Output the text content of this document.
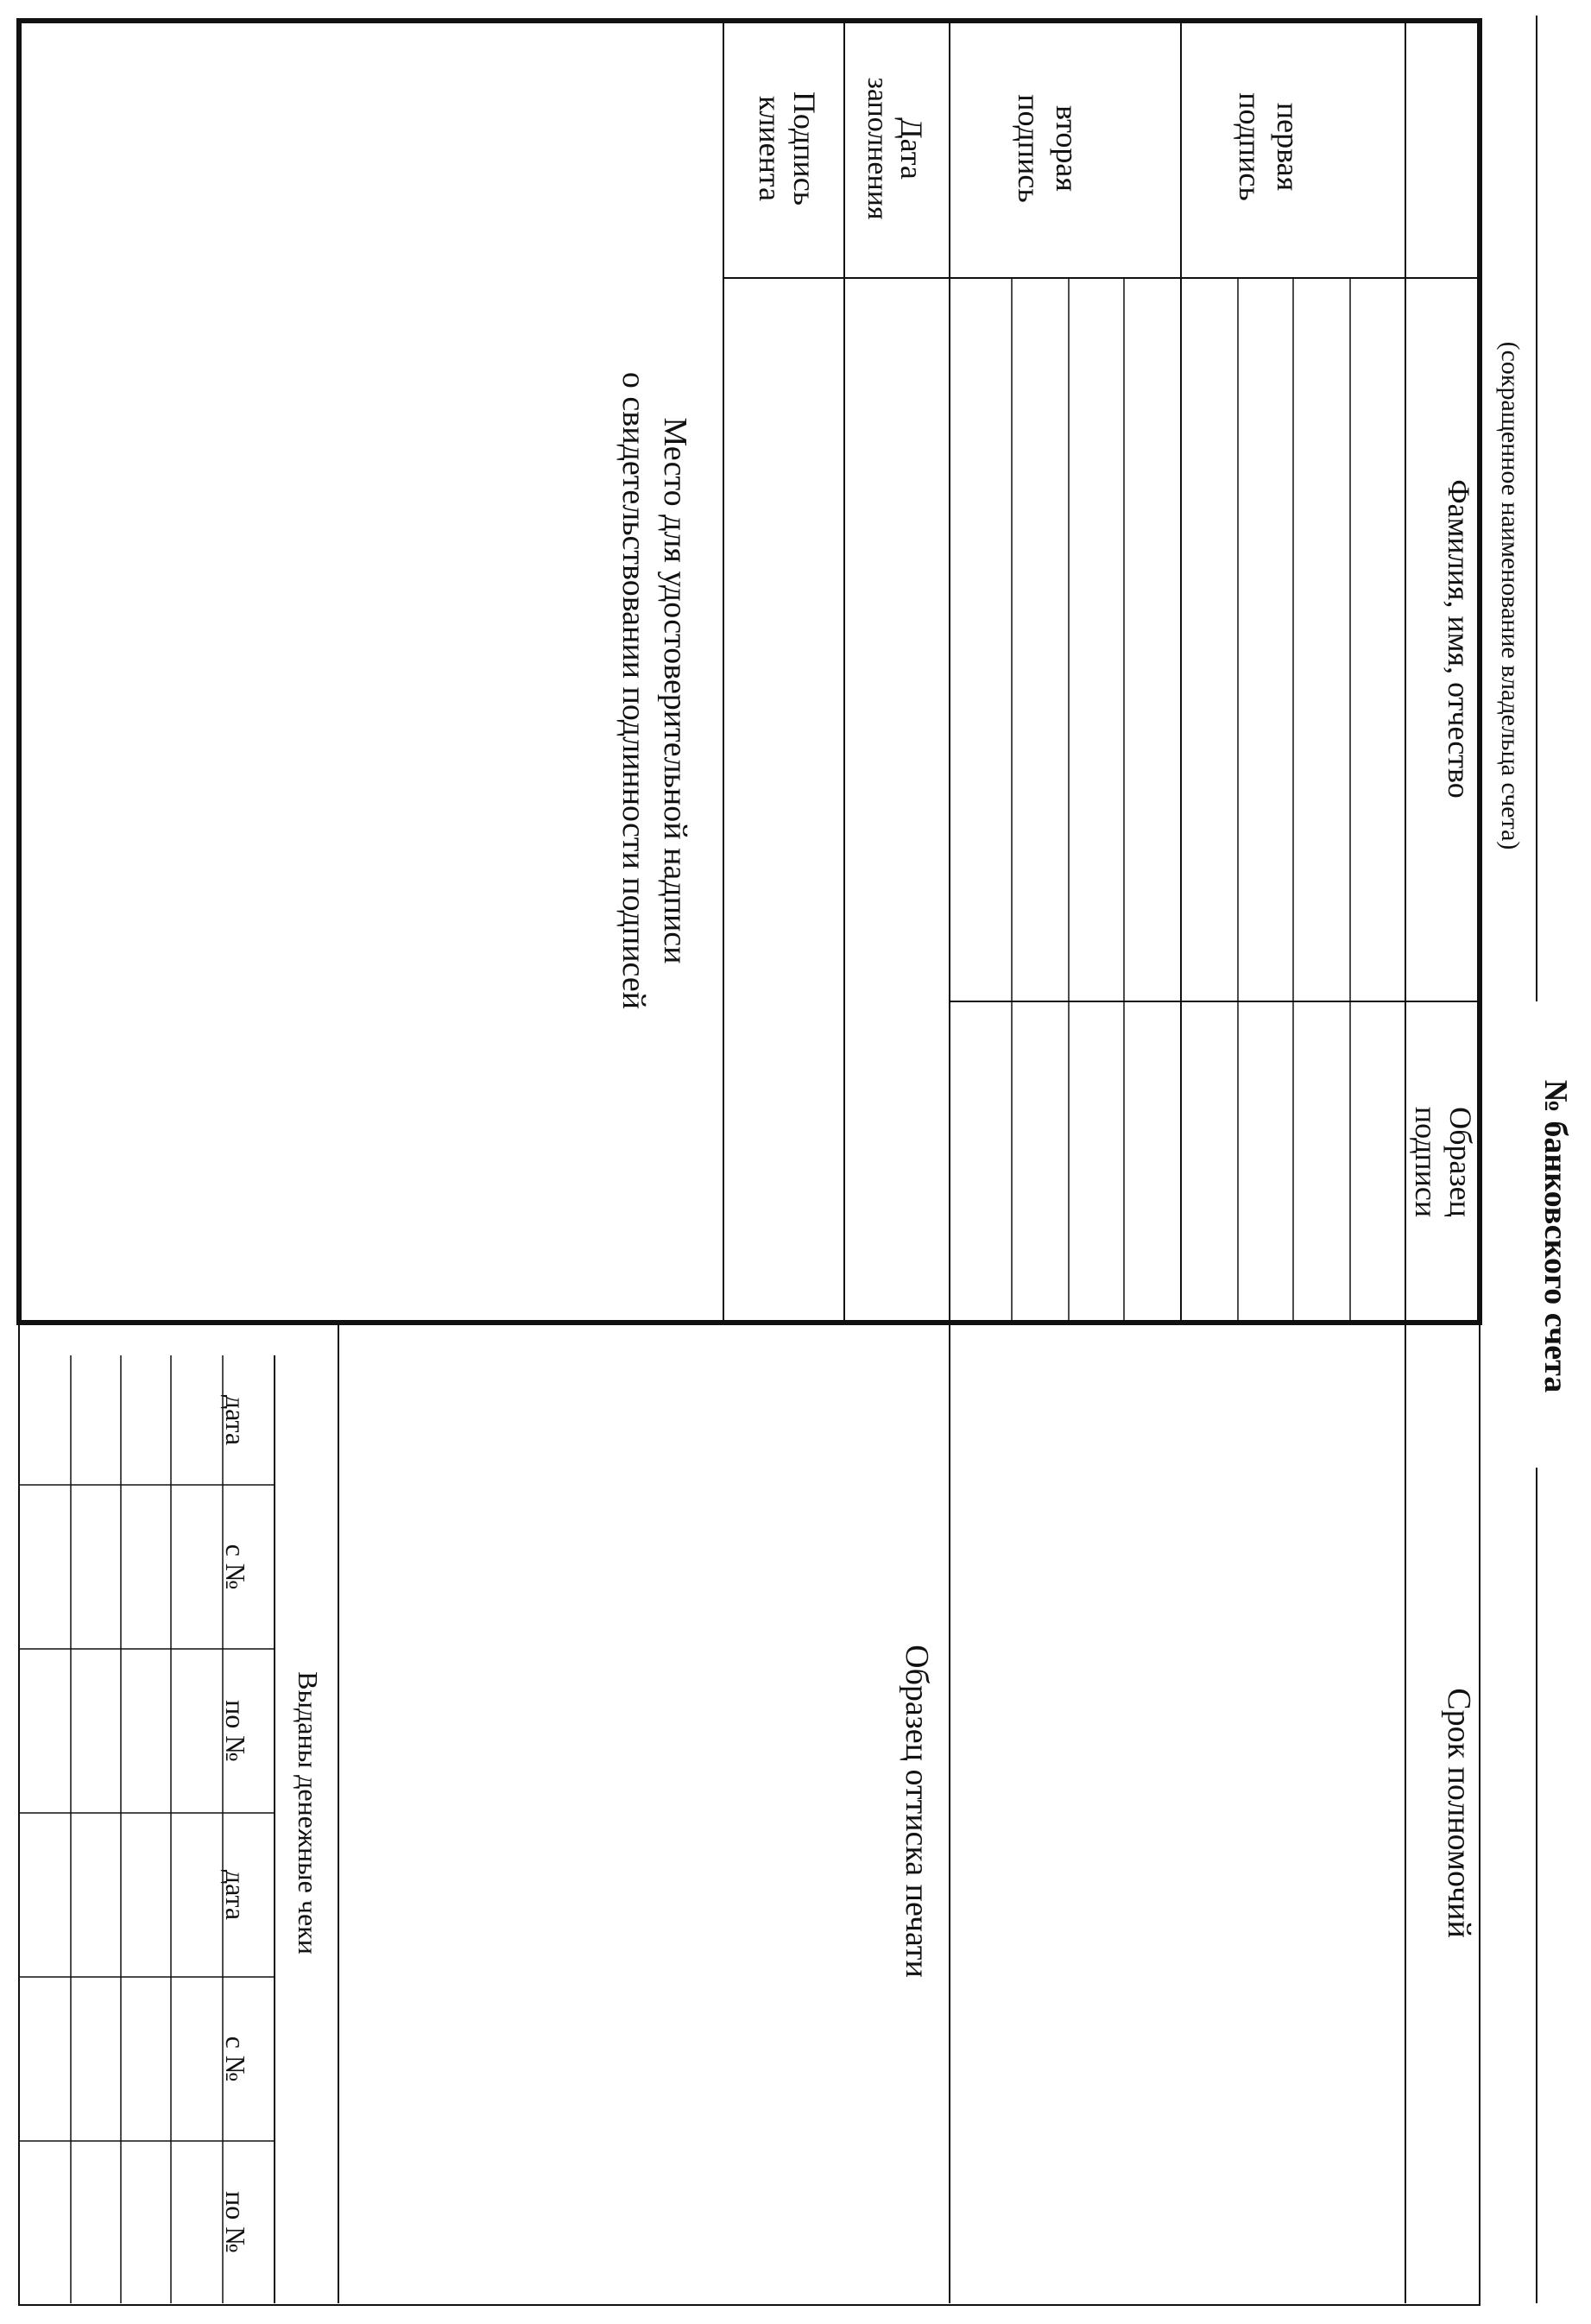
№ банковского счета
(сокращенное наименование владельца счета)
Фамилия, имя, отчество
Образец
подписи
Срок полномочий
первая
подпись
вторая
подпись
Дата
заполнения
Подпись
клиента
Место для удостоверительной надписи
о свидетельствовании подлинности подписей
Образец оттиска печати
Выданы денежные чеки
дата
с №
по №
дата
с №
по №
